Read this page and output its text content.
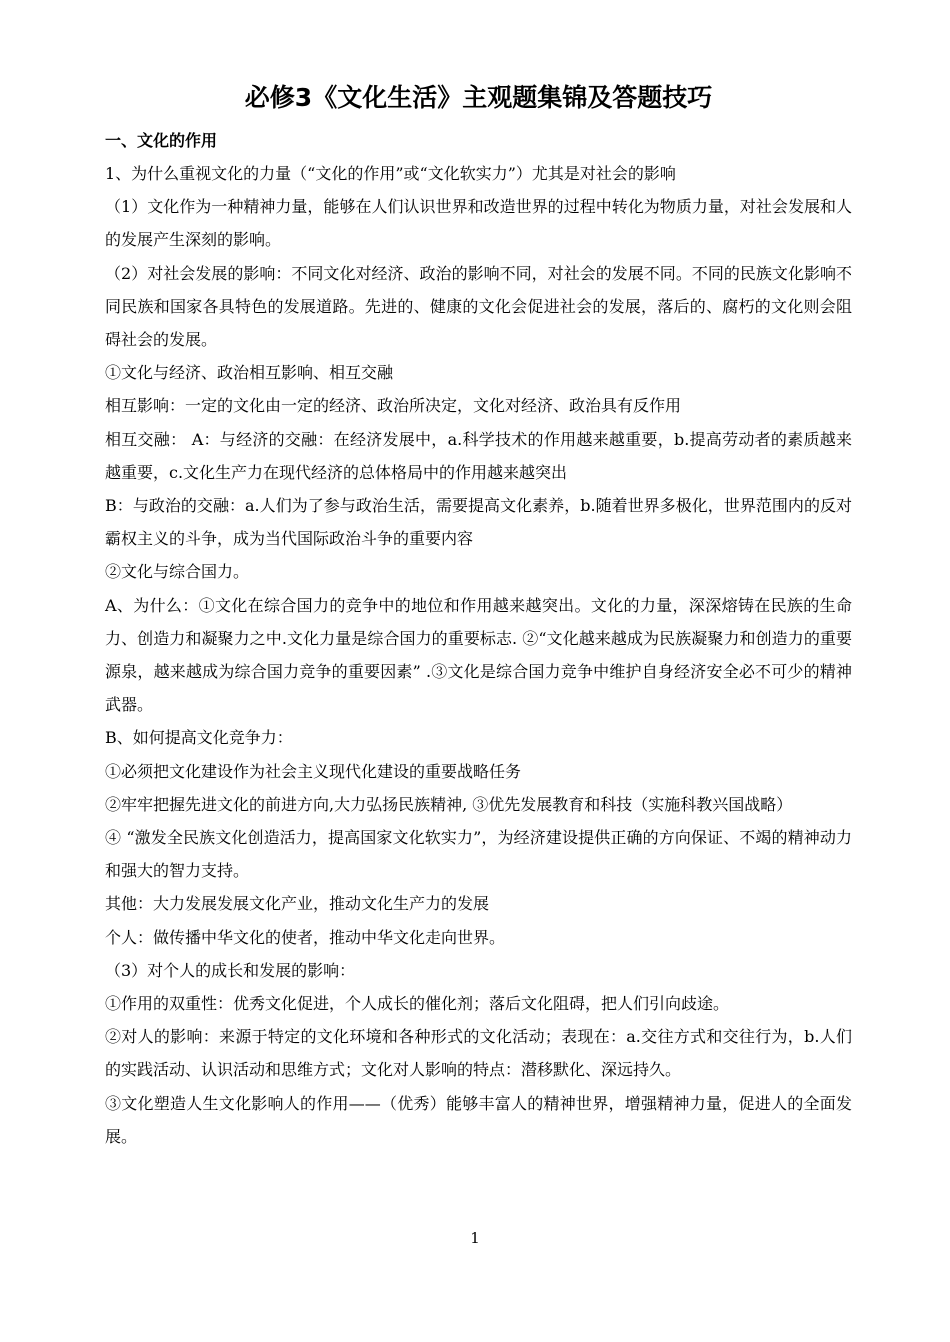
必修3《文化生活》主观题集锦及答题技巧
一、文化的作用

1、为什么重视文化的力量（“文化的作用”或“文化软实力”）尤其是对社会的影响

（1）文化作为一种精神力量，能够在人们认识世界和改造世界的过程中转化为物质力量，对社会发展和人的发展产生深刻的影响。

（2）对社会发展的影响：不同文化对经济、政治的影响不同，对社会的发展不同。不同的民族文化影响不同民族和国家各具特色的发展道路。先进的、健康的文化会促进社会的发展，落后的、腐朽的文化则会阻碍社会的发展。

①文化与经济、政治相互影响、相互交融

相互影响：一定的文化由一定的经济、政治所决定，文化对经济、政治具有反作用

相互交融： A：与经济的交融：在经济发展中，a.科学技术的作用越来越重要，b.提高劳动者的素质越来越重要，c.文化生产力在现代经济的总体格局中的作用越来越突出

B：与政治的交融：a.人们为了参与政治生活，需要提高文化素养，b.随着世界多极化，世界范围内的反对霸权主义的斗争，成为当代国际政治斗争的重要内容

②文化与综合国力。

A、为什么：①文化在综合国力的竞争中的地位和作用越来越突出。文化的力量，深深熔铸在民族的生命力、创造力和凝聚力之中.文化力量是综合国力的重要标志. ②“文化越来越成为民族凝聚力和创造力的重要源泉，越来越成为综合国力竞争的重要因素” .③文化是综合国力竞争中维护自身经济安全必不可少的精神武器。

B、如何提高文化竞争力：

①必须把文化建设作为社会主义现代化建设的重要战略任务

②牢牢把握先进文化的前进方向,大力弘扬民族精神, ③优先发展教育和科技（实施科教兴国战略）

④ “激发全民族文化创造活力，提高国家文化软实力”，为经济建设提供正确的方向保证、不竭的精神动力和强大的智力支持。

其他：大力发展发展文化产业，推动文化生产力的发展

个人：做传播中华文化的使者，推动中华文化走向世界。

（3）对个人的成长和发展的影响：

①作用的双重性：优秀文化促进，个人成长的催化剂；落后文化阻碍，把人们引向歧途。

②对人的影响：来源于特定的文化环境和各种形式的文化活动；表现在：a.交往方式和交往行为，b.人们的实践活动、认识活动和思维方式；文化对人影响的特点：潜移默化、深远持久。

③文化塑造人生文化影响人的作用——（优秀）能够丰富人的精神世界，增强精神力量，促进人的全面发展。

1
